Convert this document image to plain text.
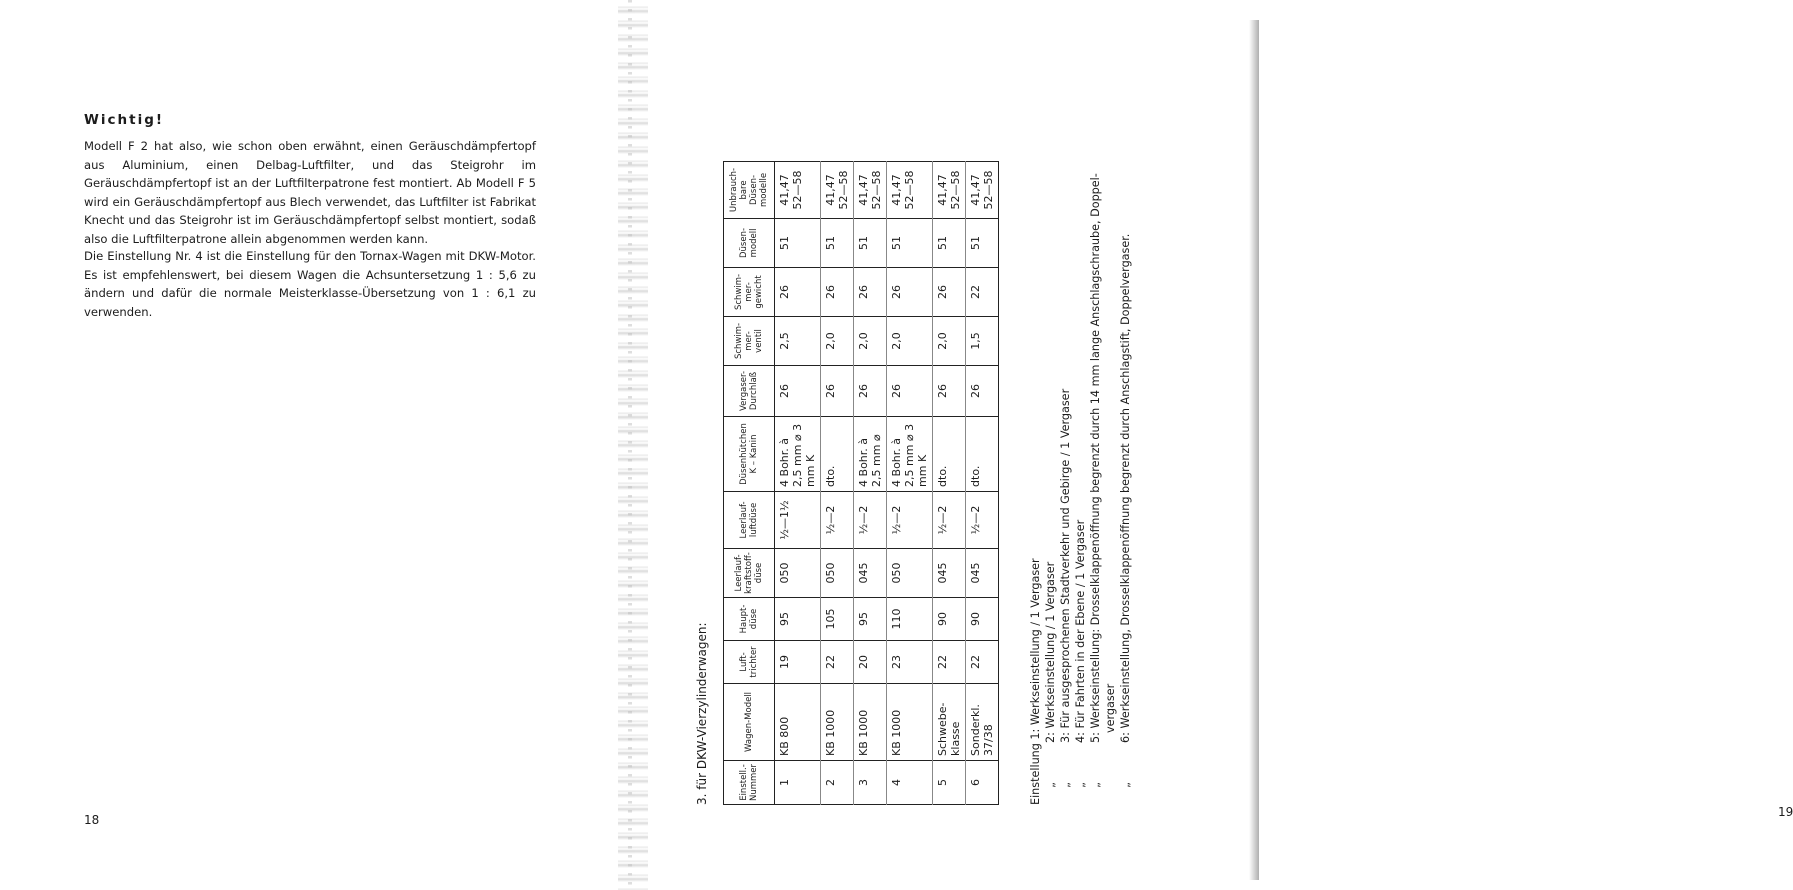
Wichtig!

Modell F 2 hat also, wie schon oben erwähnt, einen Geräuschdämpfertopf aus Aluminium, einen Delbag-Luftfilter, und das Steigrohr im Geräuschdämpfertopf ist an der Luftfilterpatrone fest montiert. Ab Modell F 5 wird ein Geräuschdämpfertopf aus Blech verwendet, das Luftfilter ist Fabrikat Knecht und das Steigrohr ist im Geräuschdämpfertopf selbst montiert, sodaß also die Luftfilterpatrone allein abgenommen werden kann.

Die Einstellung Nr. 4 ist die Einstellung für den Tornax-Wagen mit DKW-Motor. Es ist empfehlenswert, bei diesem Wagen die Achsuntersetzung 1 : 5,6 zu ändern und dafür die normale Meisterklasse-Übersetzung von 1 : 6,1 zu verwenden.

18
19
3. für DKW-Vierzylinderwagen:	Einstell.-Nummer	Wagen-Modell	Luft-trichter	Haupt-düse	Leerlauf-kraftstoff-düse	Leerlauf-luftdüse	Düsenhütchen K – Kanin	Vergaser-Durchlaß	Schwim-mer-ventil	Schwim-mer-gewicht	Düsen-modell	Unbrauch-bare Düsen-modelle
1	KB 800	19	95	050	½—1½	4 Bohr. à 2,5 mm ⌀ 3 mm K	26	2,5	26	51	41,47 52—58
2	KB 1000	22	105	050	½—2	dto.	26	2,0	26	51	41,47 52—58
3	KB 1000	20	95	045	½—2	4 Bohr. à 2,5 mm ⌀	26	2,0	26	51	41,47 52—58
4	KB 1000	23	110	050	½—2	4 Bohr. à 2,5 mm ⌀ 3 mm K	26	2,0	26	51	41,47 52—58
5	Schwebe-klasse	22	90	045	½—2	dto.	26	2,0	26	51	41,47 52—58
6	Sonderkl. 37/38	22	90	045	½—2	dto.	26	1,5	22	51	41,47 52—58
Einstellung 1: Werkseinstellung / 1 Vergaser
„2: Werkseinstellung / 1 Vergaser
„3: Für ausgesprochenen Stadtverkehr und Gebirge / 1 Vergaser
„4: Für Fahrten in der Ebene / 1 Vergaser
„5: Werkseinstellung: Drosselklappenöffnung begrenzt durch 14 mm lange Anschlagschraube, Doppel- vergaser
„6: Werkseinstellung, Drosselklappenöffnung begrenzt durch Anschlagstift, Doppelvergaser.
